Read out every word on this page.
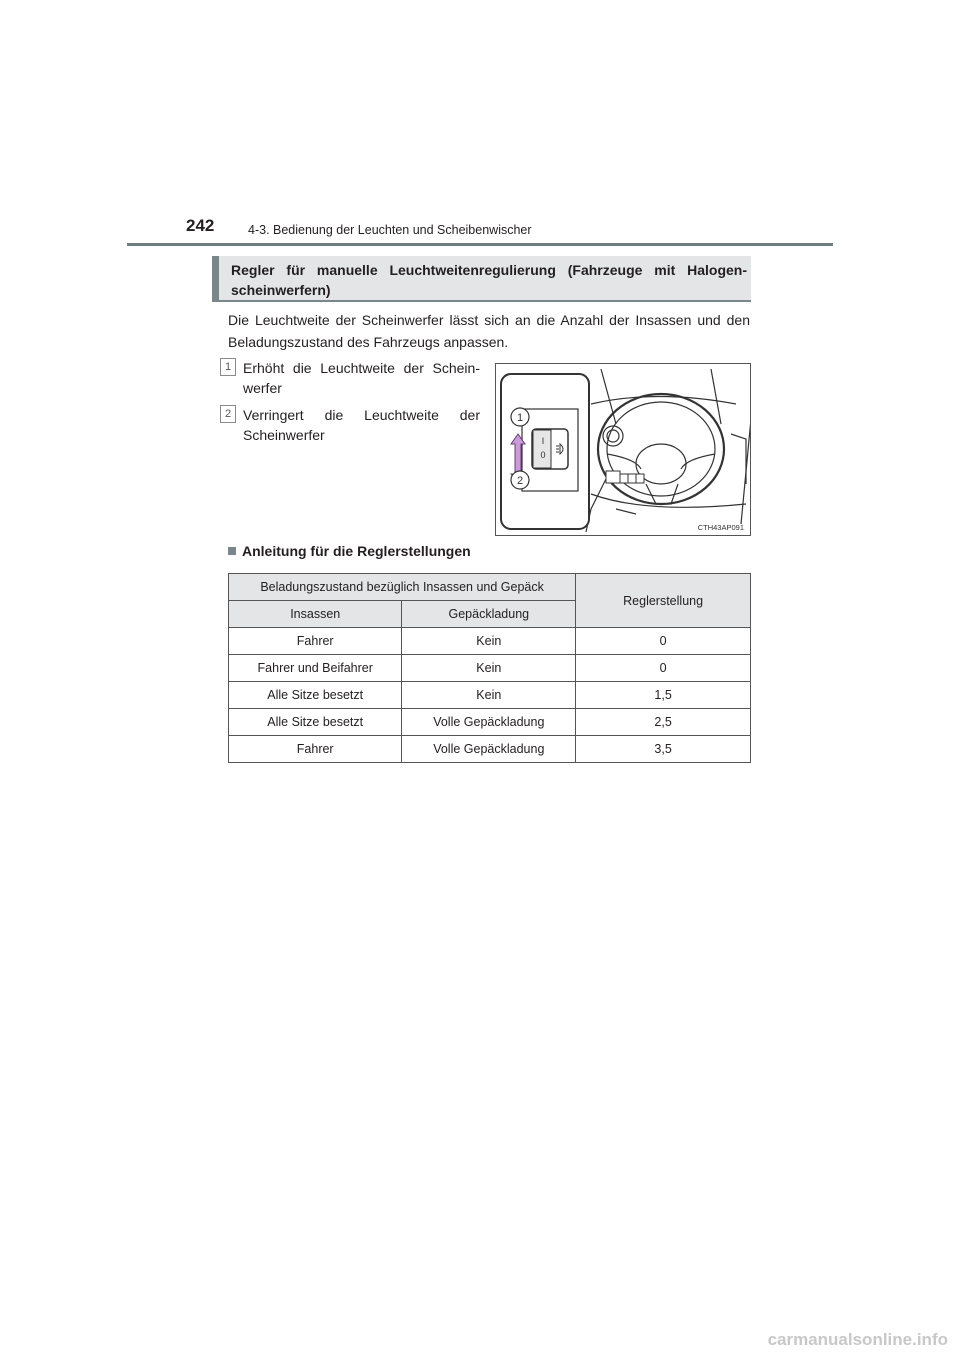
242	4-3. Bedienung der Leuchten und Scheibenwischer
Regler für manuelle Leuchtweitenregulierung (Fahrzeuge mit Halogen-scheinwerfern)
Die Leuchtweite der Scheinwerfer lässt sich an die Anzahl der Insassen und den Beladungszustand des Fahrzeugs anpassen.
1 Erhöht die Leuchtweite der Schein-werfer
2 Verringert die Leuchtweite der Scheinwerfer
1
2
I
0
CTH43AP091
Anleitung für die Reglerstellungen
Beladungszustand bezüglich Insassen und Gepäck		Reglerstellung
Insassen	Gepäckladung	
Fahrer	Kein	0
Fahrer und Beifahrer	Kein	0
Alle Sitze besetzt	Kein	1,5
Alle Sitze besetzt	Volle Gepäckladung	2,5
Fahrer	Volle Gepäckladung	3,5
carmanualsonline.info
